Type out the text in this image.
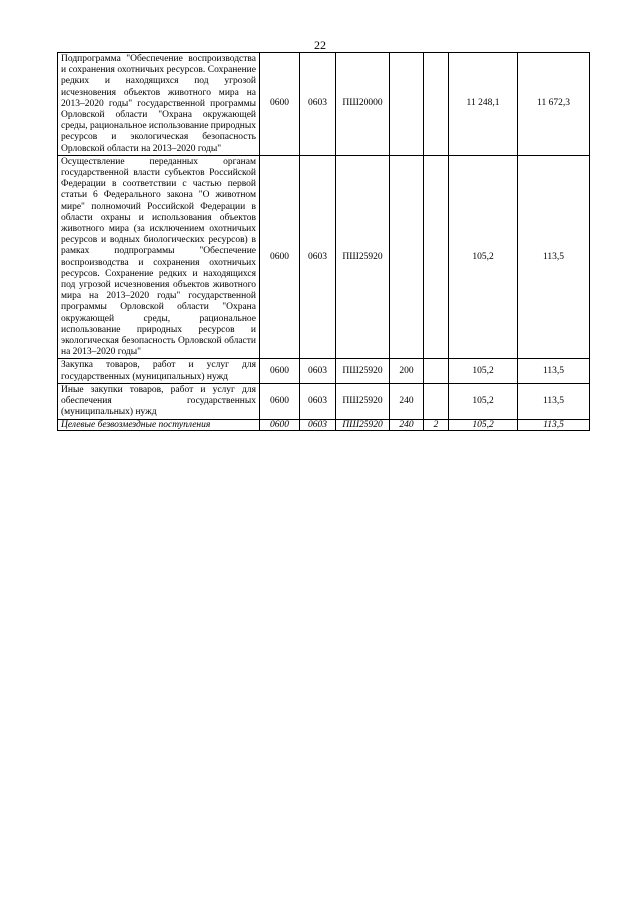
22
Подпрограмма "Обеспечение воспроизводства и сохранения охотничьих ресурсов. Сохранение редких и находящихся под угрозой исчезновения объектов животного мира на 2013–2020 годы" государственной программы Орловской области "Охрана окружающей среды, рациональное использование природных ресурсов и экологическая безопасность Орловской области на 2013–2020 годы"	0600	0603	ПШ20000			11 248,1	11 672,3
Осуществление переданных органам государственной власти субъектов Российской Федерации в соответствии с частью первой статьи 6 Федерального закона "О животном мире" полномочий Российской Федерации в области охраны и использования объектов животного мира (за исключением охотничьих ресурсов и водных биологических ресурсов) в рамках подпрограммы "Обеспечение воспроизводства и сохранения охотничьих ресурсов. Сохранение редких и находящихся под угрозой исчезновения объектов животного мира на 2013–2020 годы" государственной программы Орловской области "Охрана окружающей среды, рациональное использование природных ресурсов и экологическая безопасность Орловской области на 2013–2020 годы"	0600	0603	ПШ25920			105,2	113,5
Закупка товаров, работ и услуг для государственных (муниципальных) нужд	0600	0603	ПШ25920	200		105,2	113,5
Иные закупки товаров, работ и услуг для обеспечения государственных (муниципальных) нужд	0600	0603	ПШ25920	240		105,2	113,5
Целевые безвозмездные поступления	0600	0603	ПШ25920	240	2	105,2	113,5
